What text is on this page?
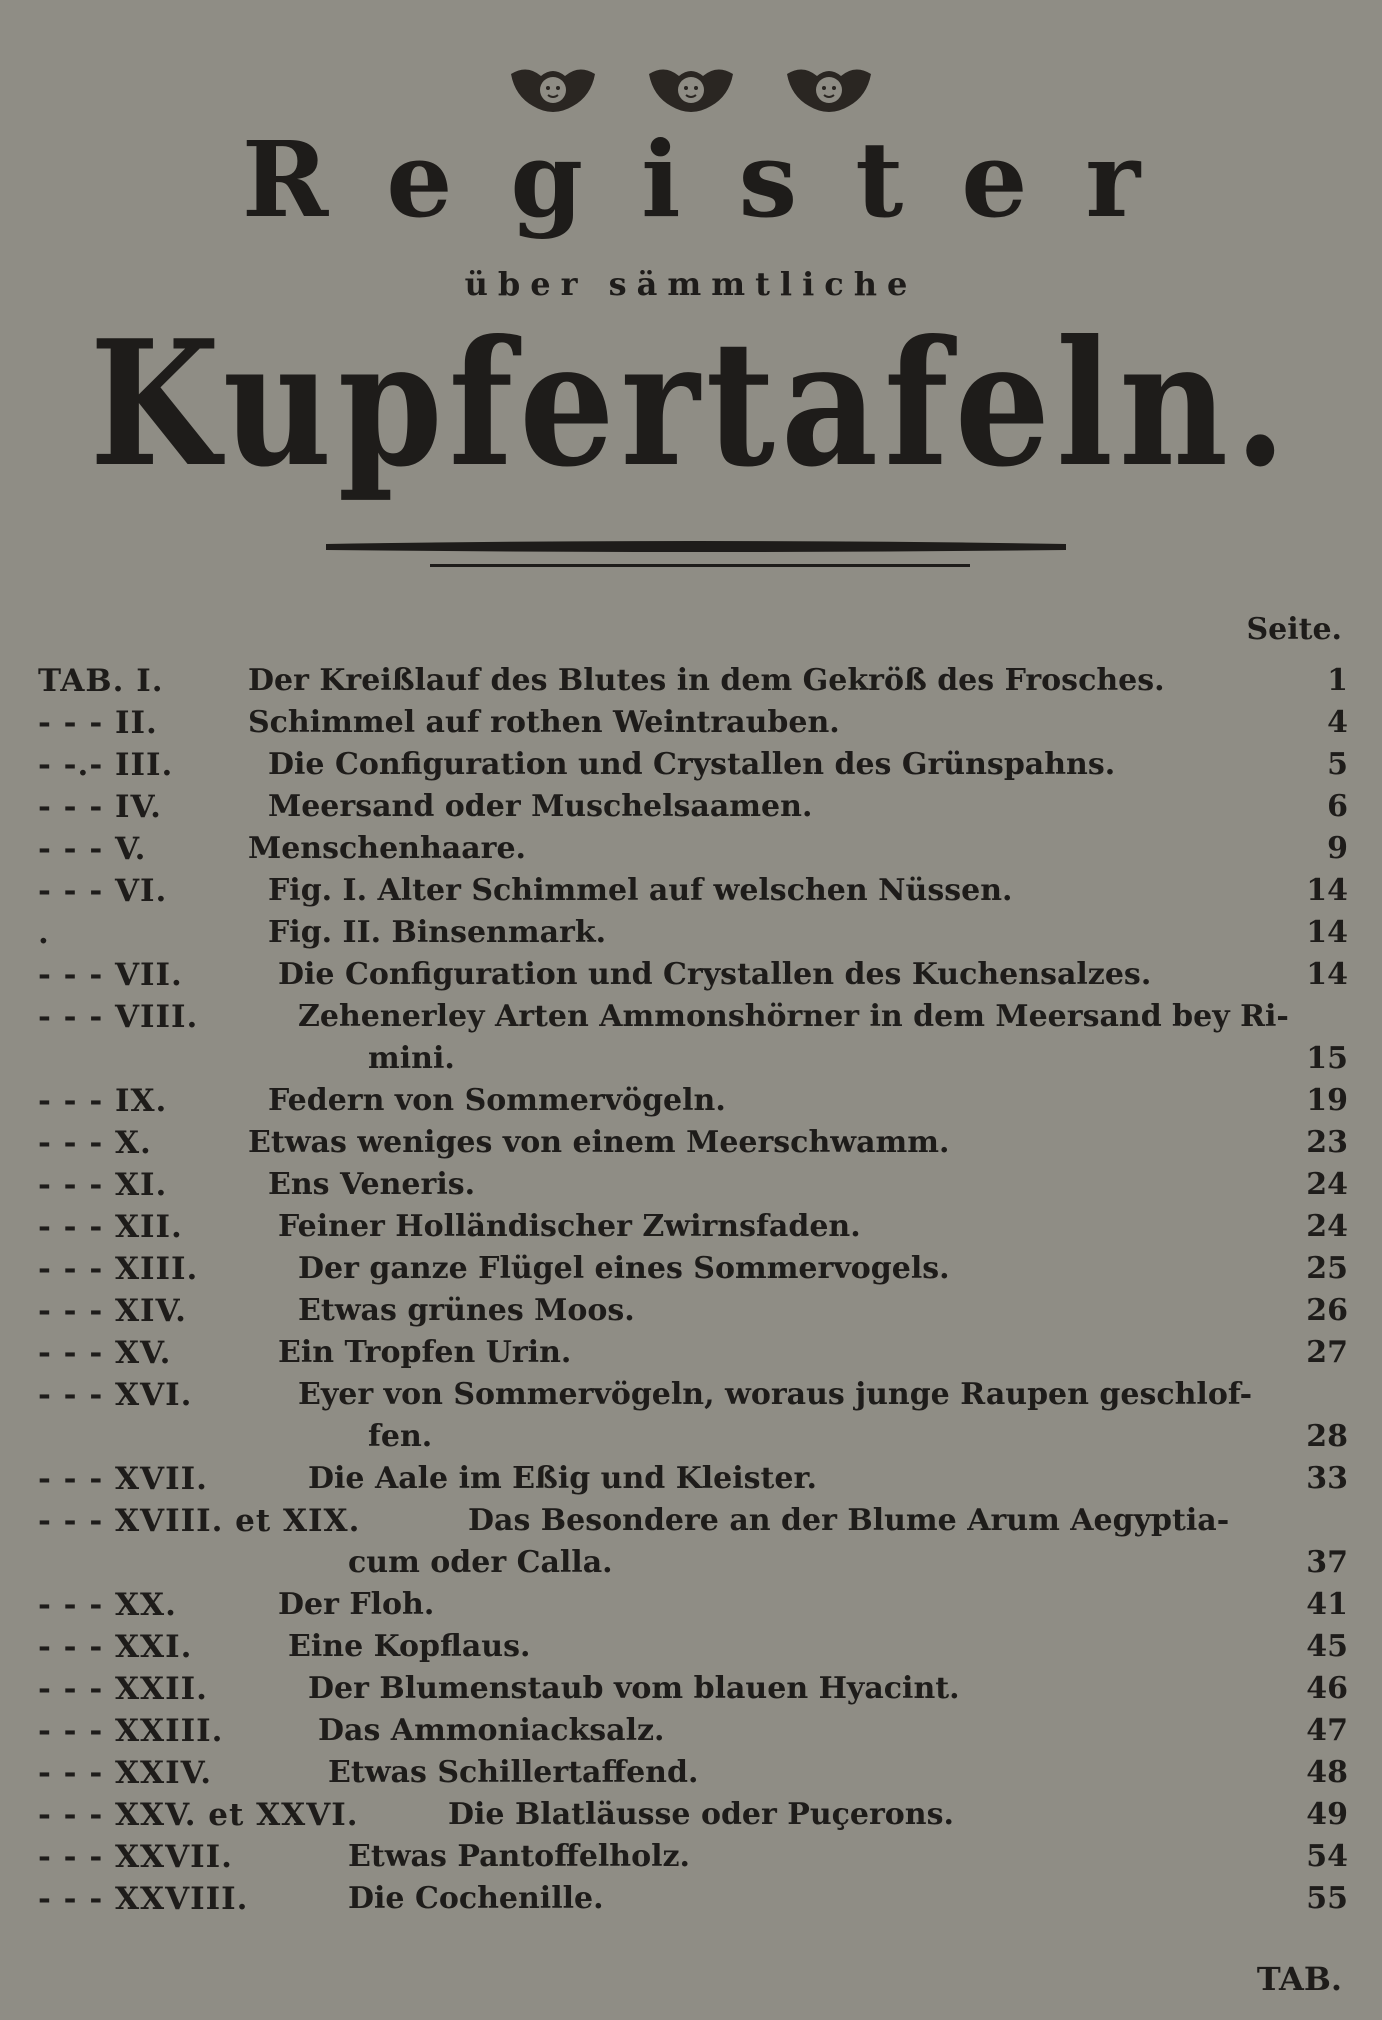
Register
über sämmtliche
Kupfertafeln.
Seite.
TAB. I.	Der Kreißlauf des Blutes in dem Gekröß des Frosches.	1
- - - II.	Schimmel auf rothen Weintrauben.	4
- -.- III.	Die Configuration und Crystallen des Grünspahns.	5
- - - IV.	Meersand oder Muschelsaamen.	6
- - - V.	Menschenhaare.	9
- - - VI.	Fig. I. Alter Schimmel auf welschen Nüssen.	14
.	Fig. II. Binsenmark.	14
- - - VII.	Die Configuration und Crystallen des Kuchensalzes.	14
- - - VIII.	Zehenerley Arten Ammonshörner in dem Meersand bey Ri-
mini.	15
- - - IX.	Federn von Sommervögeln.	19
- - - X.	Etwas weniges von einem Meerschwamm.	23
- - - XI.	Ens Veneris.	24
- - - XII.	Feiner Holländischer Zwirnsfaden.	24
- - - XIII.	Der ganze Flügel eines Sommervogels.	25
- - - XIV.	Etwas grünes Moos.	26
- - - XV.	Ein Tropfen Urin.	27
- - - XVI.	Eyer von Sommervögeln, woraus junge Raupen geschlof-
fen.	28
- - - XVII.	Die Aale im Eßig und Kleister.	33
- - - XVIII. et XIX.	Das Besondere an der Blume Arum Aegyptia-
cum oder Calla.	37
- - - XX.	Der Floh.	41
- - - XXI.	Eine Kopflaus.	45
- - - XXII.	Der Blumenstaub vom blauen Hyacint.	46
- - - XXIII.	Das Ammoniacksalz.	47
- - - XXIV.	Etwas Schillertaffend.	48
- - - XXV. et XXVI.	Die Blatläusse oder Puçerons.	49
- - - XXVII.	Etwas Pantoffelholz.	54
- - - XXVIII.	Die Cochenille.	55
TAB.
